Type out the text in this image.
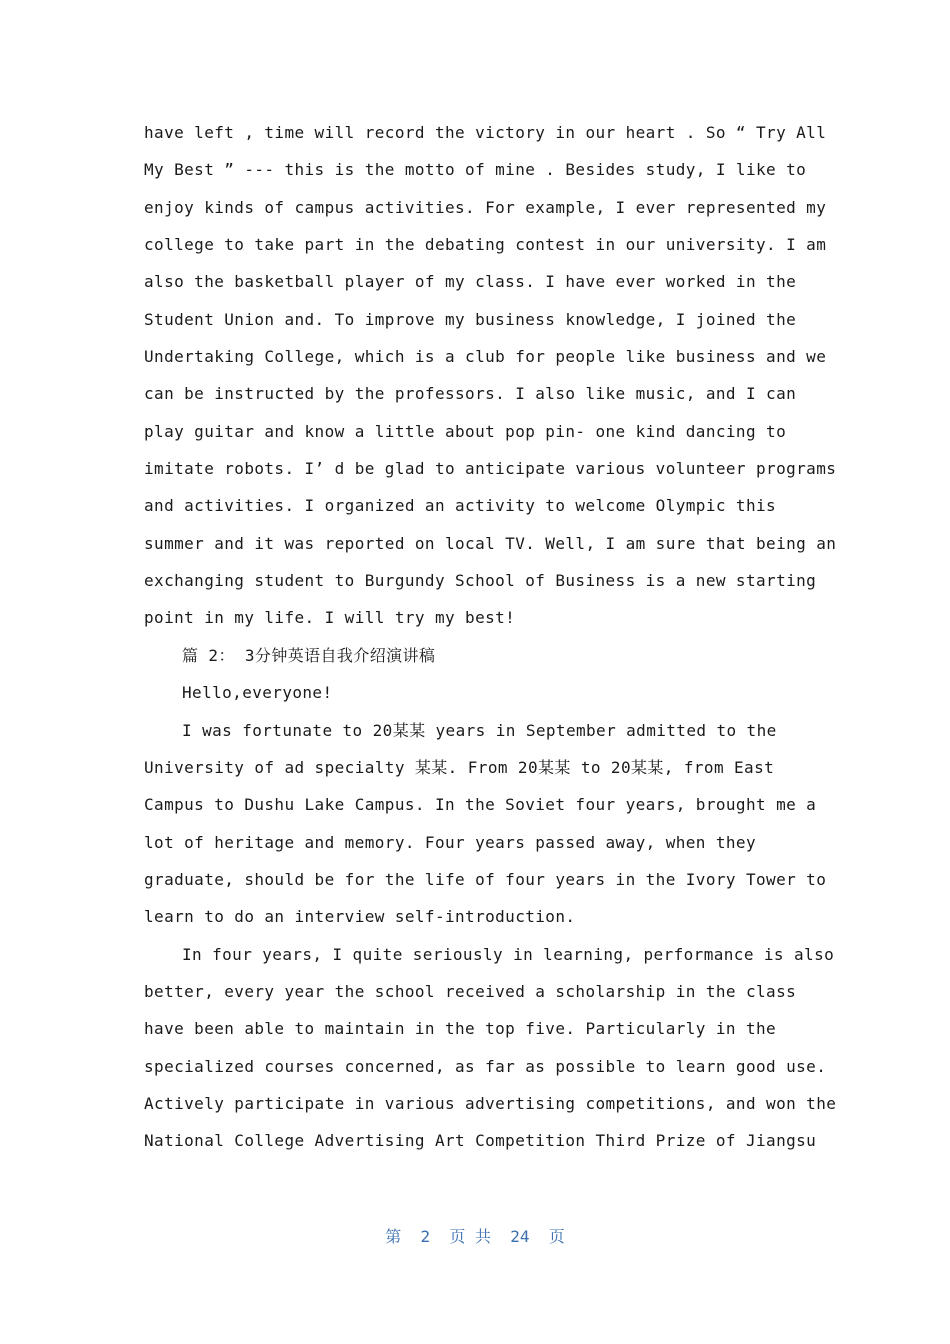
have left , time will record the victory in our heart . So “ Try All
My Best ” --- this is the motto of mine . Besides study, I like to
enjoy kinds of campus activities. For example, I ever represented my
college to take part in the debating contest in our university. I am
also the basketball player of my class. I have ever worked in the
Student Union and. To improve my business knowledge, I joined the
Undertaking College, which is a club for people like business and we
can be instructed by the professors. I also like music, and I can
play guitar and know a little about pop pin- one kind dancing to
imitate robots. I’ d be glad to anticipate various volunteer programs
and activities. I organized an activity to welcome Olympic this
summer and it was reported on local TV. Well, I am sure that being an
exchanging student to Burgundy School of Business is a new starting
point in my life. I will try my best!
篇 2： 3分钟英语自我介绍演讲稿
Hello,everyone!
I was fortunate to 20某某 years in September admitted to the
University of ad specialty 某某. From 20某某 to 20某某, from East
Campus to Dushu Lake Campus. In the Soviet four years, brought me a
lot of heritage and memory. Four years passed away, when they
graduate, should be for the life of four years in the Ivory Tower to
learn to do an interview self-introduction.
In four years, I quite seriously in learning, performance is also
better, every year the school received a scholarship in the class
have been able to maintain in the top five. Particularly in the
specialized courses concerned, as far as possible to learn good use.
Actively participate in various advertising competitions, and won the
National College Advertising Art Competition Third Prize of Jiangsu
第  2  页 共  24  页
